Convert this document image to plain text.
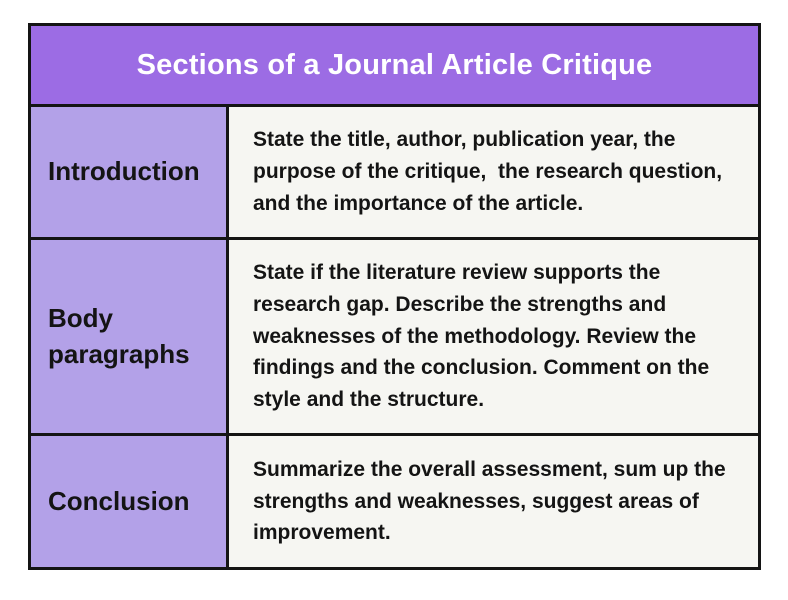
Sections of a Journal Article Critique
Introduction
State the title, author, publication year, the purpose of the critique,  the research question, and the importance of the article.
Body paragraphs
State if the literature review supports the research gap. Describe the strengths and weaknesses of the methodology. Review the findings and the conclusion. Comment on the style and the structure.
Conclusion
Summarize the overall assessment, sum up the strengths and weaknesses, suggest areas of improvement.
